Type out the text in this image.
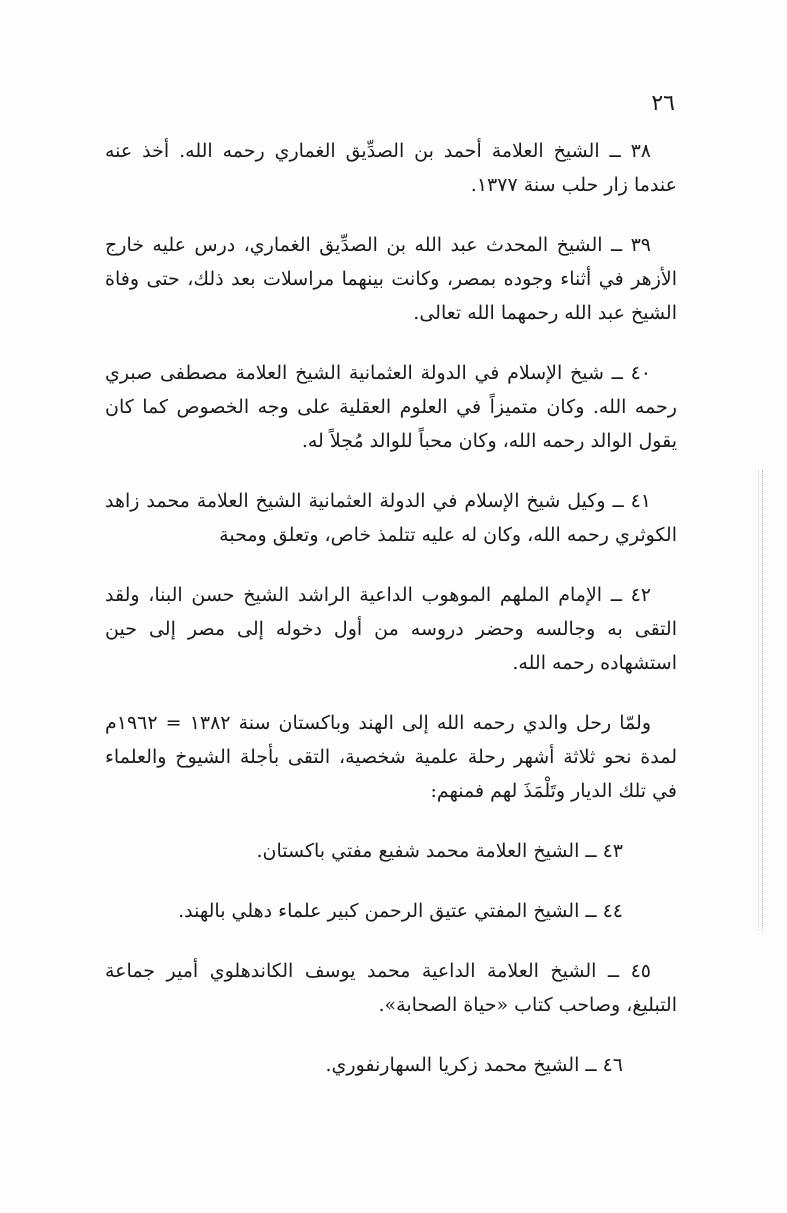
٢٦

٣٨ ــ الشيخ العلامة أحمد بن الصدِّيق الغماري رحمه الله. أخذ عنه عندما زار حلب سنة ١٣٧٧.

٣٩ ــ الشيخ المحدث عبد الله بن الصدِّيق الغماري، درس عليه خارج الأزهر في أثناء وجوده بمصر، وكانت بينهما مراسلات بعد ذلك، حتى وفاة الشيخ عبد الله رحمهما الله تعالى.

٤٠ ــ شيخ الإسلام في الدولة العثمانية الشيخ العلامة مصطفى صبري رحمه الله. وكان متميزاً في العلوم العقلية على وجه الخصوص كما كان يقول الوالد رحمه الله، وكان محباً للوالد مُجلاً له.

٤١ ــ وكيل شيخ الإسلام في الدولة العثمانية الشيخ العلامة محمد زاهد الكوثري رحمه الله، وكان له عليه تتلمذ خاص، وتعلق ومحبة

٤٢ ــ الإمام الملهم الموهوب الداعية الراشد الشيخ حسن البنا، ولقد التقى به وجالسه وحضر دروسه من أول دخوله إلى مصر إلى حين استشهاده رحمه الله.

ولمّا رحل والدي رحمه الله إلى الهند وباكستان سنة ١٣٨٢ = ١٩٦٢م لمدة نحو ثلاثة أشهر رحلة علمية شخصية، التقى بأجلة الشيوخ والعلماء في تلك الديار وتَلْمَذَ لهم فمنهم:

٤٣ ــ الشيخ العلامة محمد شفيع مفتي باكستان.

٤٤ ــ الشيخ المفتي عتيق الرحمن كبير علماء دهلي بالهند.

٤٥ ــ الشيخ العلامة الداعية محمد يوسف الكاندهلوي أمير جماعة التبليغ، وصاحب كتاب «حياة الصحابة».

٤٦ ــ الشيخ محمد زكريا السهارنفوري.
